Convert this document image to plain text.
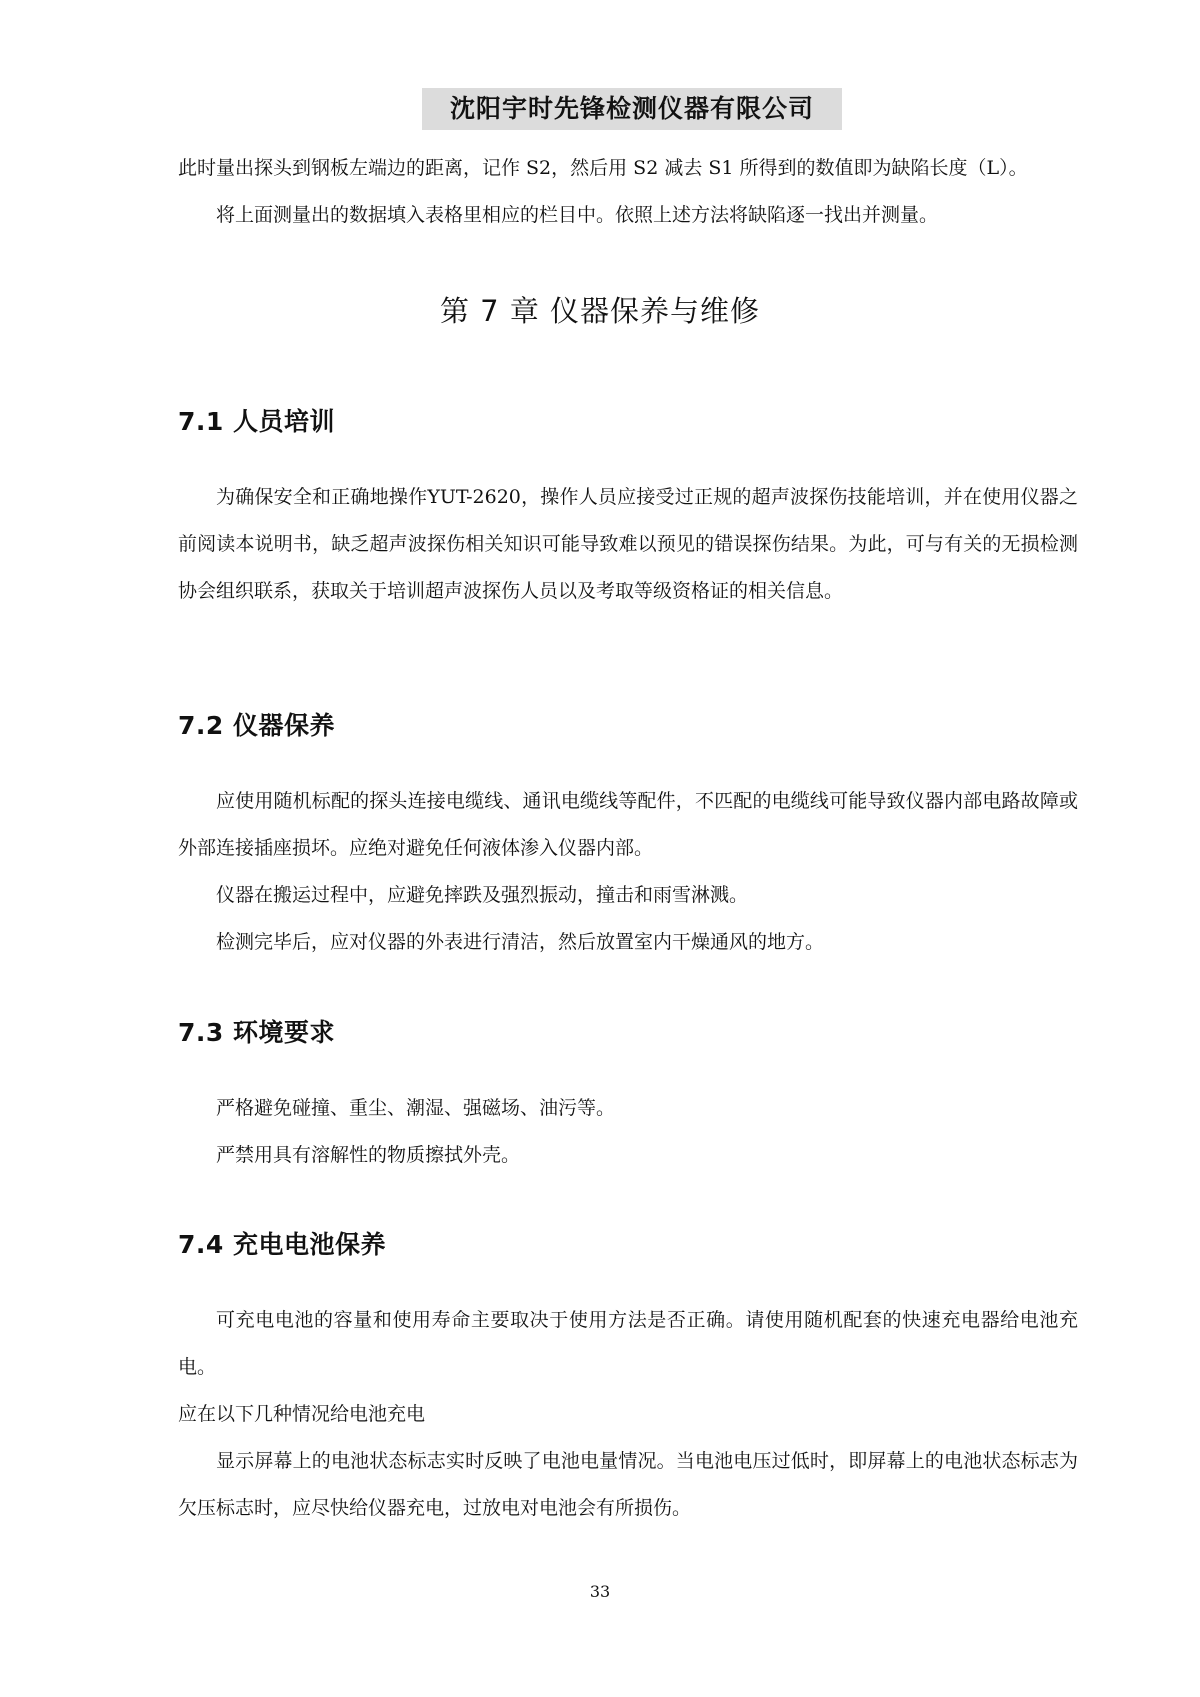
沈阳宇时先锋检测仪器有限公司

此时量出探头到钢板左端边的距离，记作 S2，然后用 S2 减去 S1 所得到的数值即为缺陷长度（L）。

将上面测量出的数据填入表格里相应的栏目中。依照上述方法将缺陷逐一找出并测量。

第 7 章 仪器保养与维修
7.1 人员培训

为确保安全和正确地操作YUT-2620，操作人员应接受过正规的超声波探伤技能培训，并在使用仪器之前阅读本说明书，缺乏超声波探伤相关知识可能导致难以预见的错误探伤结果。为此，可与有关的无损检测协会组织联系，获取关于培训超声波探伤人员以及考取等级资格证的相关信息。

7.2 仪器保养

应使用随机标配的探头连接电缆线、通讯电缆线等配件，不匹配的电缆线可能导致仪器内部电路故障或外部连接插座损坏。应绝对避免任何液体渗入仪器内部。

仪器在搬运过程中，应避免摔跌及强烈振动，撞击和雨雪淋溅。

检测完毕后，应对仪器的外表进行清洁，然后放置室内干燥通风的地方。

7.3 环境要求

严格避免碰撞、重尘、潮湿、强磁场、油污等。

严禁用具有溶解性的物质擦拭外壳。

7.4 充电电池保养

可充电电池的容量和使用寿命主要取决于使用方法是否正确。请使用随机配套的快速充电器给电池充电。

应在以下几种情况给电池充电

显示屏幕上的电池状态标志实时反映了电池电量情况。当电池电压过低时，即屏幕上的电池状态标志为欠压标志时，应尽快给仪器充电，过放电对电池会有所损伤。

33
